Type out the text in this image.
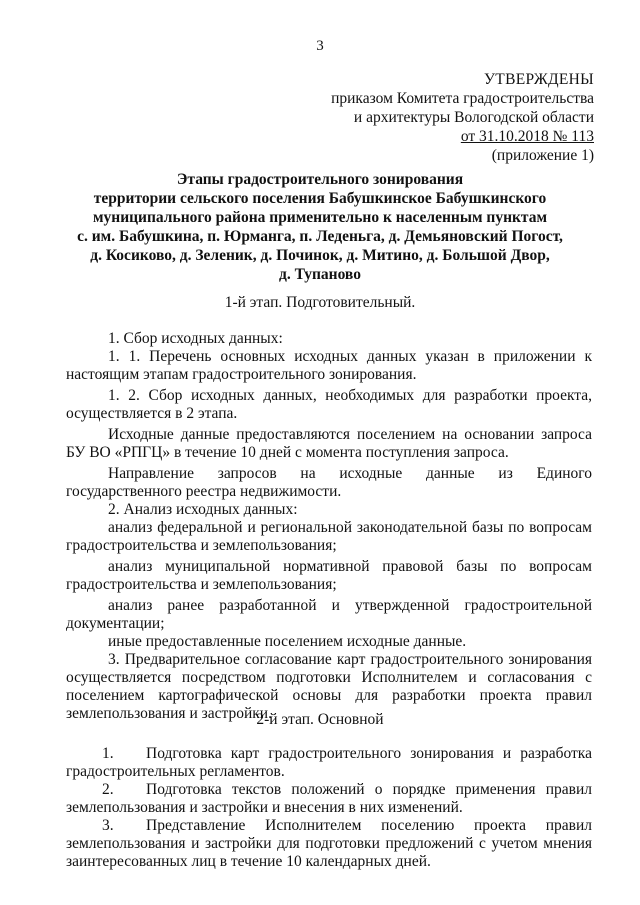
3
УТВЕРЖДЕНЫ
приказом Комитета градостроительства
и архитектуры Вологодской области
от 31.10.2018 № 113
(приложение 1)
Этапы градостроительного зонирования
территории сельского поселения Бабушкинское Бабушкинского
муниципального района применительно к населенным пунктам
с. им. Бабушкина, п. Юрманга, п. Леденьга, д. Демьяновский Погост,
д. Косиково, д. Зеленик, д. Починок, д. Митино, д. Большой Двор,
д. Тупаново
1-й этап. Подготовительный.

1. Сбор исходных данных:

1. 1. Перечень основных исходных данных указан в приложении к настоящим этапам градостроительного зонирования.

1. 2. Сбор исходных данных, необходимых для разработки проекта, осуществляется в 2 этапа.

Исходные данные предоставляются поселением на основании запроса БУ ВО «РПГЦ» в течение 10 дней с момента поступления запроса.

Направление запросов на исходные данные из Единого государственного реестра недвижимости.

2. Анализ исходных данных:

анализ федеральной и региональной законодательной базы по вопросам градостроительства и землепользования;

анализ муниципальной нормативной правовой базы по вопросам градостроительства и землепользования;

анализ ранее разработанной и утвержденной градостроительной документации;

иные предоставленные поселением исходные данные.

3. Предварительное согласование карт градостроительного зонирования осуществляется посредством подготовки Исполнителем и согласования с поселением картографической основы для разработки проекта правил землепользования и застройки.

2-й этап. Основной

1. Подготовка карт градостроительного зонирования и разработка градостроительных регламентов.

2. Подготовка текстов положений о порядке применения правил землепользования и застройки и внесения в них изменений.

3. Представление Исполнителем поселению проекта правил землепользования и застройки для подготовки предложений с учетом мнения заинтересованных лиц в течение 10 календарных дней.
